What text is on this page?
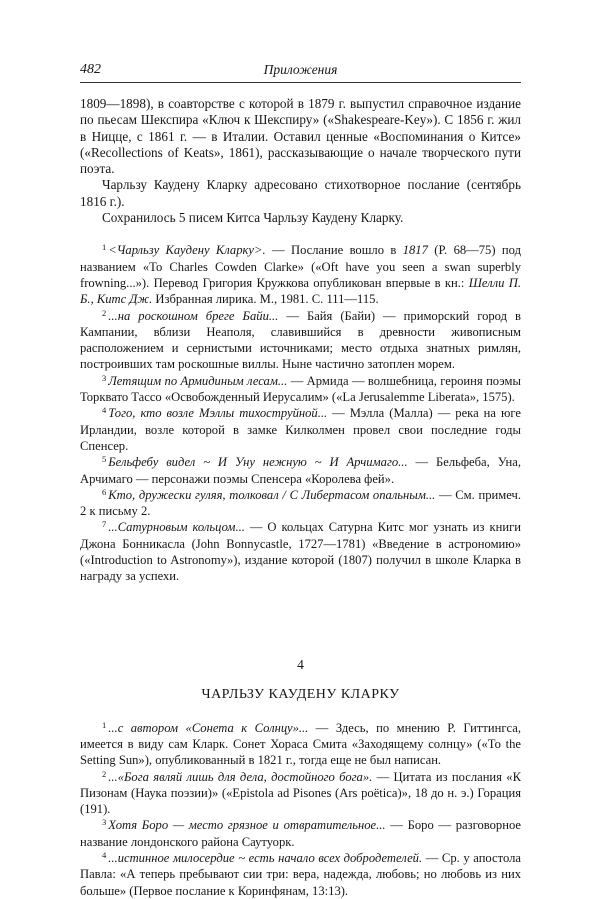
482	Приложения

1809—1898), в соавторстве с которой в 1879 г. выпустил справочное издание по пьесам Шекспира «Ключ к Шекспиру» («Shakespeare-Key»). С 1856 г. жил в Ницце, с 1861 г. — в Италии. Оставил ценные «Воспоминания о Китсе» («Recollections of Keats», 1861), рассказывающие о начале творческого пути поэта.

Чарльзу Каудену Кларку адресовано стихотворное послание (сентябрь 1816 г.).

Сохранилось 5 писем Китса Чарльзу Каудену Кларку.

$^1$ <Чарльзу Каудену Кларку>. — Послание вошло в 1817 (P. 68—75) под названием «To Charles Cowden Clarke» («Oft have you seen a swan superbly frowning...»). Перевод Григория Кружкова опубликован впервые в кн.: Шелли П. Б., Китс Дж. Избранная лирика. М., 1981. С. 111—115.

$^2$ ...на роскошном бреге Байи... — Байя (Байи) — приморский город в Кампании, вблизи Неаполя, славившийся в древности живописным расположением и сернистыми источниками; место отдыха знатных римлян, построивших там роскошные виллы. Ныне частично затоплен морем.

$^3$ Летящим по Армидиным лесам... — Армида — волшебница, героиня поэмы Торквато Тассо «Освобожденный Иерусалим» («La Jerusalemme Liberata», 1575).

$^4$ Того, кто возле Мэллы тихоструйной... — Мэлла (Малла) — река на юге Ирландии, возле которой в замке Килколмен провел свои последние годы Спенсер.

$^5$ Бельфебу видел ~ И Уну нежную ~ И Арчимаго... — Бельфеба, Уна, Арчимаго — персонажи поэмы Спенсера «Королева фей».

$^6$ Кто, дружески гуляя, толковал / С Либертасом опальным... — См. примеч. 2 к письму 2.

$^7$ ...Сатурновым кольцом... — О кольцах Сатурна Китс мог узнать из книги Джона Бонникасла (John Bonnycastle, 1727—1781) «Введение в астрономию» («Introduction to Astronomy»), издание которой (1807) получил в школе Кларка в награду за успехи.

4
ЧАРЛЬЗУ КАУДЕНУ КЛАРКУ

$^1$ ...с автором «Сонета к Солнцу»... — Здесь, по мнению Р. Гиттингса, имеется в виду сам Кларк. Сонет Хораса Смита «Заходящему солнцу» («To the Setting Sun»), опубликованный в 1821 г., тогда еще не был написан.

$^2$ ...«Бога являй лишь для дела, достойного бога». — Цитата из послания «К Пизонам (Наука поэзии)» («Epistola ad Pisones (Ars poëtica)», 18 до н. э.) Горация (191).

$^3$ Хотя Боро — место грязное и отвратительное... — Боро — разговорное название лондонского района Саутуорк.

$^4$ ...истинное милосердие ~ есть начало всех добродетелей. — Ср. у апостола Павла: «А теперь пребывают сии три: вера, надежда, любовь; но любовь из них больше» (Первое послание к Коринфянам, 13:13).
